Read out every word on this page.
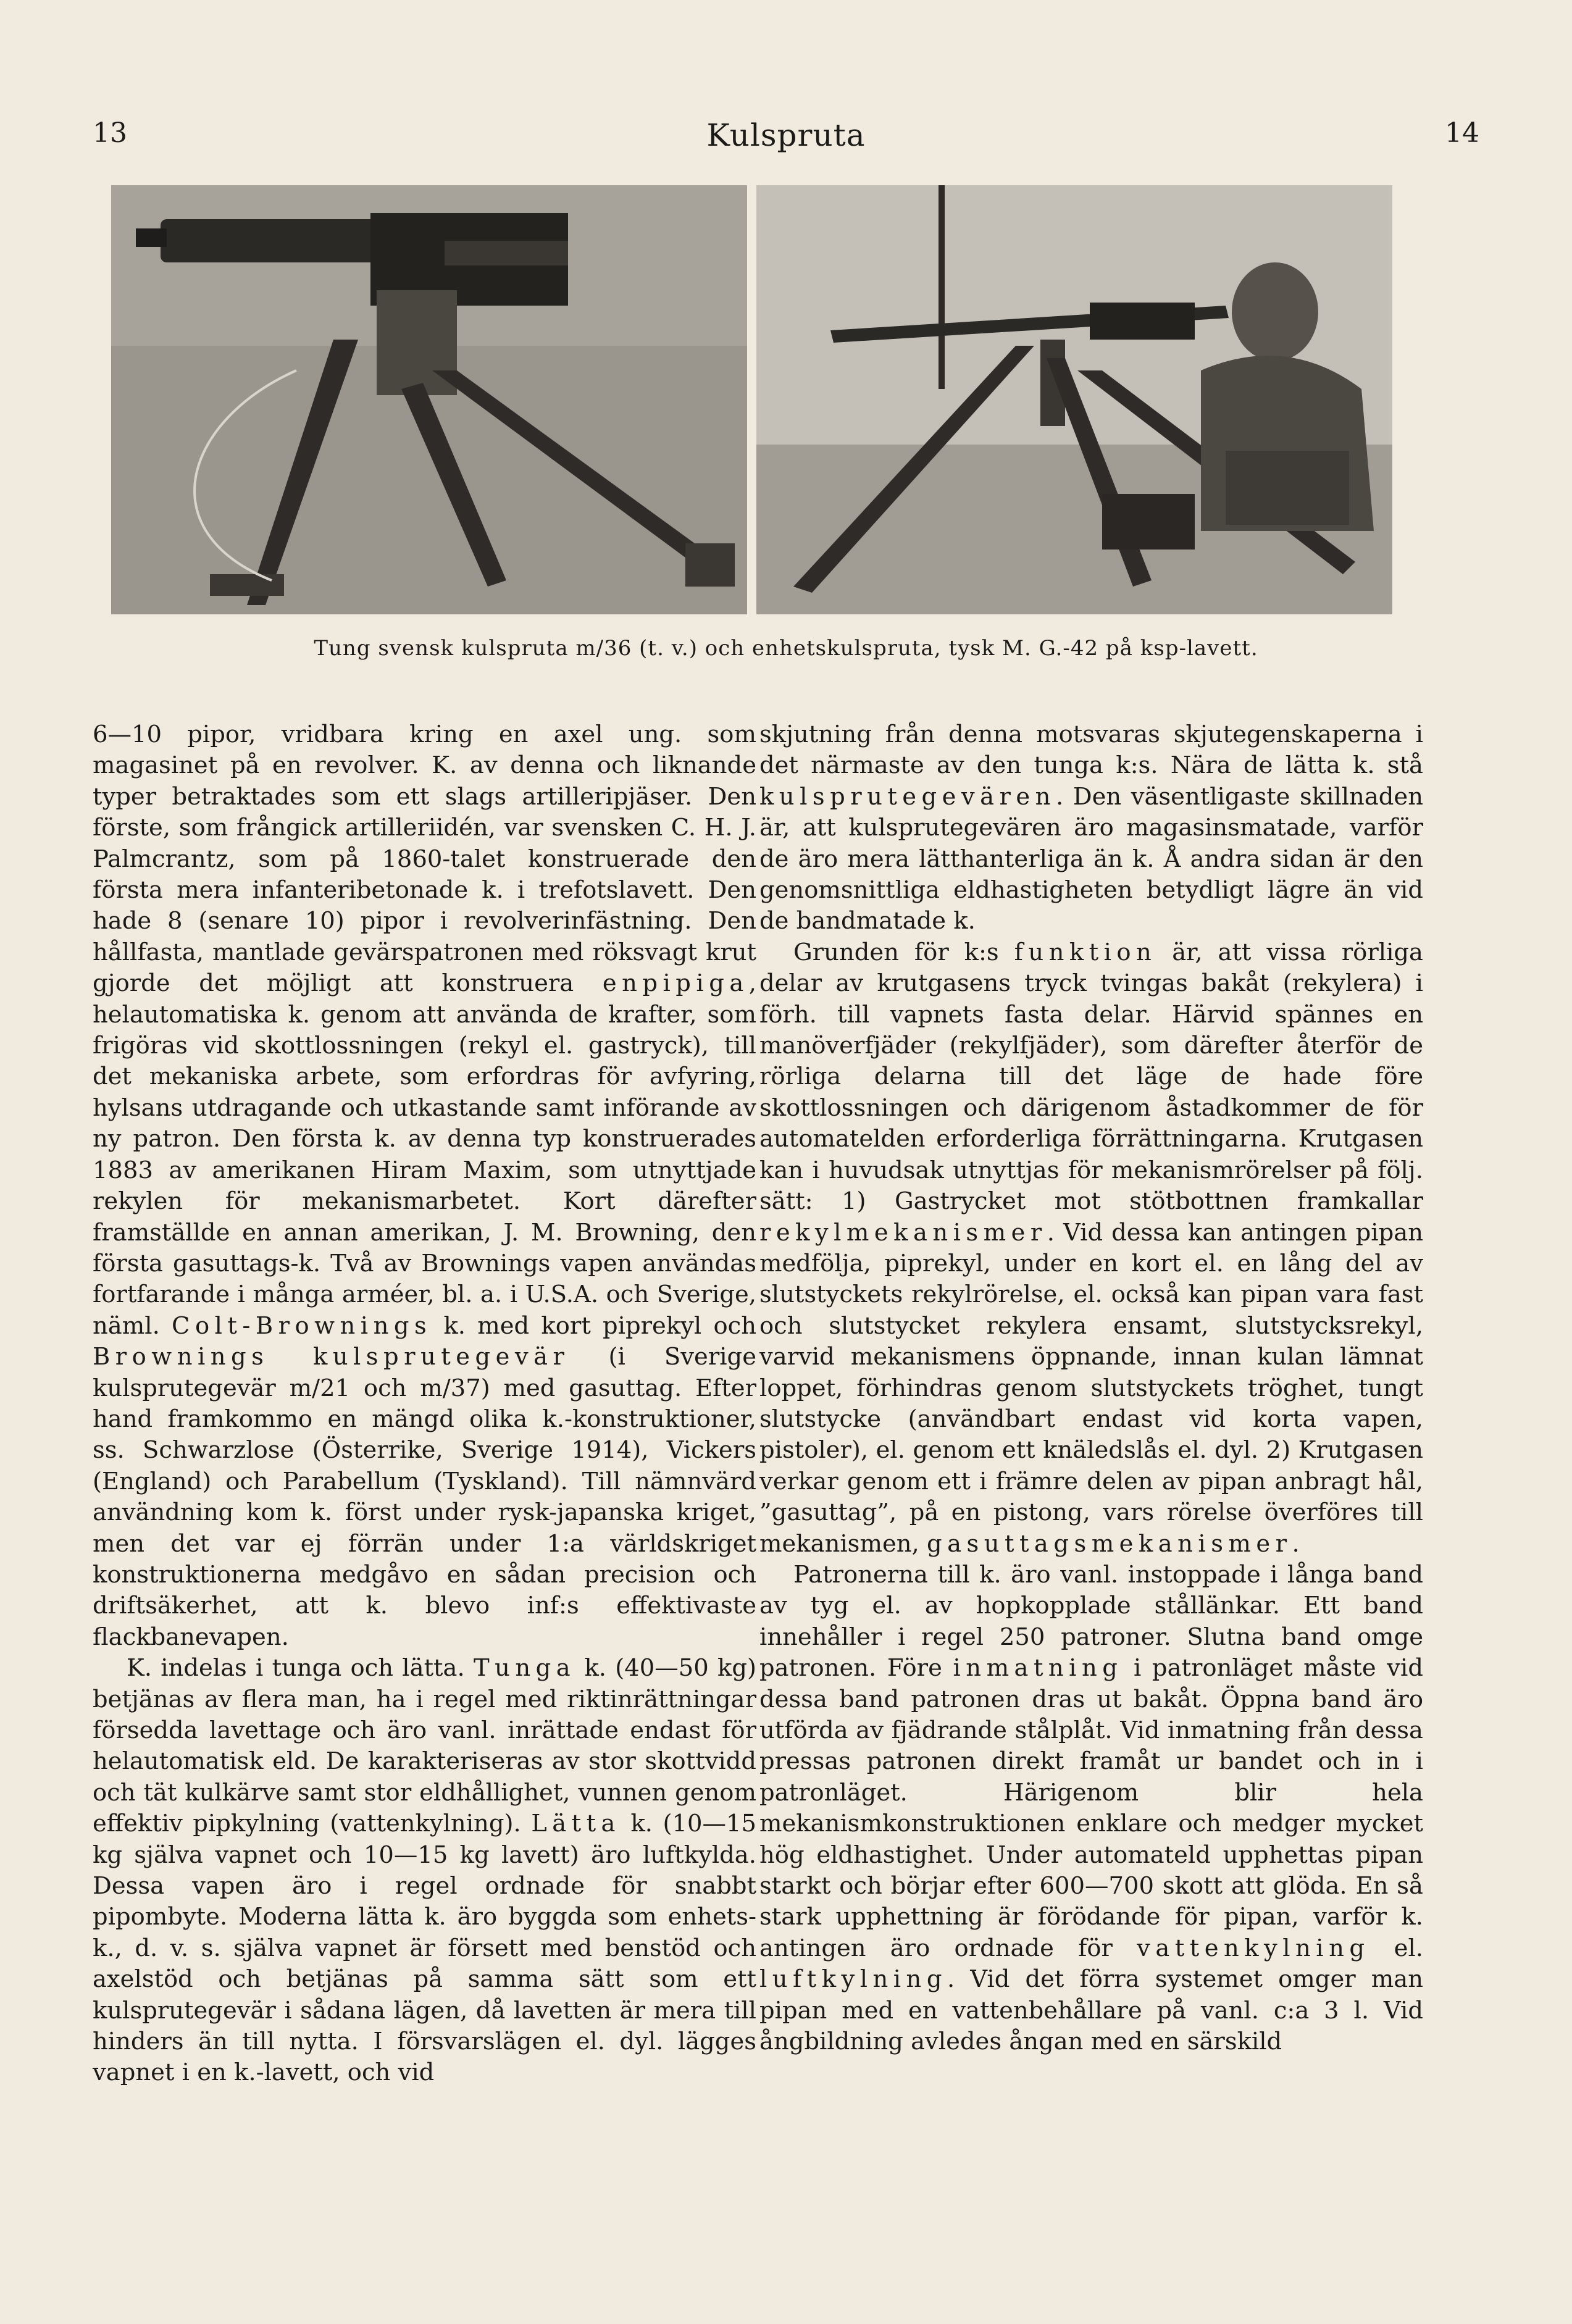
13	Kulspruta	14
Tung svensk kulspruta m/36 (t. v.) och enhetskulspruta, tysk M. G.-42 på ksp-lavett.

6—10 pipor, vridbara kring en axel ung. som magasinet på en revolver. K. av denna och liknande typer betraktades som ett slags artilleripjäser. Den förste, som frångick artilleriidén, var svensken C. H. J. Palmcrantz, som på 1860-talet konstruerade den första mera infanteribetonade k. i trefotslavett. Den hade 8 (senare 10) pipor i revolverinfästning. Den hållfasta, mantlade gevärspatronen med röksvagt krut gjorde det möjligt att konstruera enpipiga, helautomatiska k. genom att använda de krafter, som frigöras vid skottlossningen (rekyl el. gastryck), till det mekaniska arbete, som erfordras för avfyring, hylsans utdragande och utkastande samt införande av ny patron. Den första k. av denna typ konstruerades 1883 av amerikanen Hiram Maxim, som utnyttjade rekylen för mekanismarbetet. Kort därefter framställde en annan amerikan, J. M. Browning, den första gasuttags-k. Två av Brownings vapen användas fortfarande i många arméer, bl. a. i U.S.A. och Sverige, näml. Colt-Brownings k. med kort piprekyl och Brownings kulsprutegevär (i Sverige kulsprutegevär m/21 och m/37) med gasuttag. Efter hand framkommo en mängd olika k.-konstruktioner, ss. Schwarzlose (Österrike, Sverige 1914), Vickers (England) och Parabellum (Tyskland). Till nämnvärd användning kom k. först under rysk-japanska kriget, men det var ej förrän under 1:a världskriget konstruktionerna medgåvo en sådan precision och driftsäkerhet, att k. blevo inf:s effektivaste flackbanevapen.

K. indelas i tunga och lätta. Tunga k. (40—50 kg) betjänas av flera man, ha i regel med riktinrättningar försedda lavettage och äro vanl. inrättade endast för helautomatisk eld. De karakteriseras av stor skottvidd och tät kulkärve samt stor eldhållighet, vunnen genom effektiv pipkylning (vattenkylning). Lätta k. (10—15 kg själva vapnet och 10—15 kg lavett) äro luftkylda. Dessa vapen äro i regel ordnade för snabbt pipombyte. Moderna lätta k. äro byggda som enhets-k., d. v. s. själva vapnet är försett med benstöd och axelstöd och betjänas på samma sätt som ett kulsprutegevär i sådana lägen, då lavetten är mera till hinders än till nytta. I försvarslägen el. dyl. lägges vapnet i en k.-lavett, och vid

skjutning från denna motsvaras skjutegenskaperna i det närmaste av den tunga k:s. Nära de lätta k. stå kulsprutegevären. Den väsentligaste skillnaden är, att kulsprutegevären äro magasinsmatade, varför de äro mera lätthanterliga än k. Å andra sidan är den genomsnittliga eldhastigheten betydligt lägre än vid de bandmatade k.

Grunden för k:s funktion är, att vissa rörliga delar av krutgasens tryck tvingas bakåt (rekylera) i förh. till vapnets fasta delar. Härvid spännes en manöverfjäder (rekylfjäder), som därefter återför de rörliga delarna till det läge de hade före skottlossningen och därigenom åstadkommer de för automatelden erforderliga förrättningarna. Krutgasen kan i huvudsak utnyttjas för mekanismrörelser på följ. sätt: 1) Gastrycket mot stötbottnen framkallar rekylmekanismer. Vid dessa kan antingen pipan medfölja, piprekyl, under en kort el. en lång del av slutstyckets rekylrörelse, el. också kan pipan vara fast och slutstycket rekylera ensamt, slutstycksrekyl, varvid mekanismens öppnande, innan kulan lämnat loppet, förhindras genom slutstyckets tröghet, tungt slutstycke (användbart endast vid korta vapen, pistoler), el. genom ett knäledslås el. dyl. 2) Krutgasen verkar genom ett i främre delen av pipan anbragt hål, ”gasuttag”, på en pistong, vars rörelse överföres till mekanismen, gasuttagsmekanismer.

Patronerna till k. äro vanl. instoppade i långa band av tyg el. av hopkopplade stållänkar. Ett band innehåller i regel 250 patroner. Slutna band omge patronen. Före inmatning i patronläget måste vid dessa band patronen dras ut bakåt. Öppna band äro utförda av fjädrande stålplåt. Vid inmatning från dessa pressas patronen direkt framåt ur bandet och in i patronläget. Härigenom blir hela mekanismkonstruktionen enklare och medger mycket hög eldhastighet. Under automateld upphettas pipan starkt och börjar efter 600—700 skott att glöda. En så stark upphettning är förödande för pipan, varför k. antingen äro ordnade för vattenkylning el. luftkylning. Vid det förra systemet omger man pipan med en vattenbehållare på vanl. c:a 3 l. Vid ångbildning avledes ångan med en särskild
